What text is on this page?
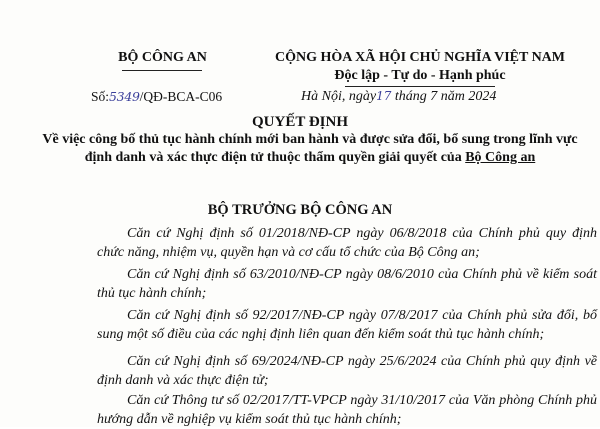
BỘ CÔNG AN
Số:5349/QĐ-BCA-C06
CỘNG HÒA XÃ HỘI CHỦ NGHĨA VIỆT NAM
Độc lập - Tự do - Hạnh phúc
Hà Nội, ngày17 tháng 7 năm 2024
QUYẾT ĐỊNH
Về việc công bố thủ tục hành chính mới ban hành và được sửa đổi, bổ sung trong lĩnh vực định danh và xác thực điện tử thuộc thẩm quyền giải quyết của Bộ Công an
BỘ TRƯỞNG BỘ CÔNG AN
Căn cứ Nghị định số 01/2018/NĐ-CP ngày 06/8/2018 của Chính phủ quy định chức năng, nhiệm vụ, quyền hạn và cơ cấu tổ chức của Bộ Công an;
Căn cứ Nghị định số 63/2010/NĐ-CP ngày 08/6/2010 của Chính phủ về kiểm soát thủ tục hành chính;
Căn cứ Nghị định số 92/2017/NĐ-CP ngày 07/8/2017 của Chính phủ sửa đổi, bổ sung một số điều của các nghị định liên quan đến kiểm soát thủ tục hành chính;
Căn cứ Nghị định số 69/2024/NĐ-CP ngày 25/6/2024 của Chính phủ quy định về định danh và xác thực điện tử;
Căn cứ Thông tư số 02/2017/TT-VPCP ngày 31/10/2017 của Văn phòng Chính phủ hướng dẫn về nghiệp vụ kiểm soát thủ tục hành chính;
